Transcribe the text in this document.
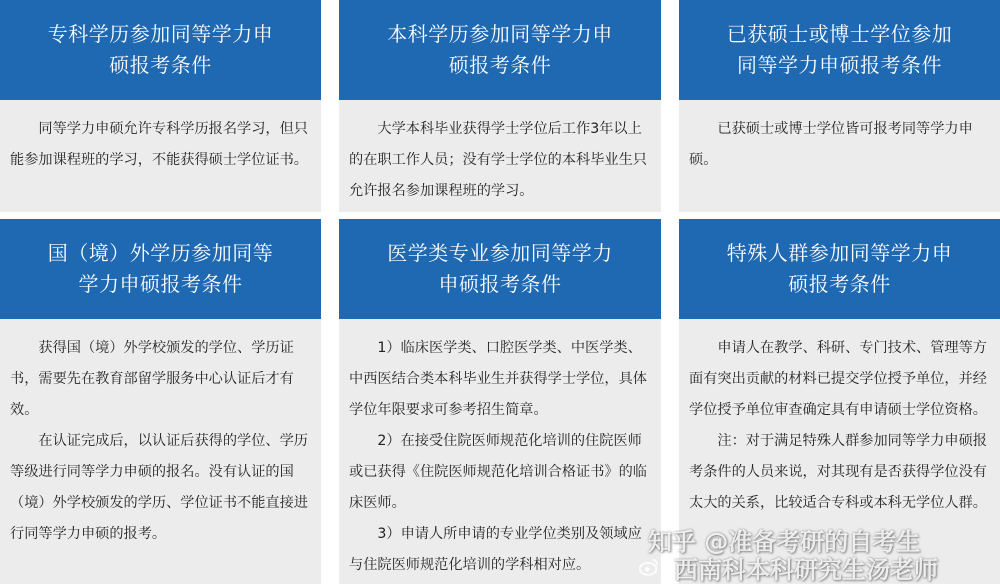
专科学历参加同等学力申
硕报考条件

同等学力申硕允许专科学历报名学习，但只能参加课程班的学习，不能获得硕士学位证书。

本科学历参加同等学力申
硕报考条件

大学本科毕业获得学士学位后工作3年以上的在职工作人员；没有学士学位的本科毕业生只允许报名参加课程班的学习。

已获硕士或博士学位参加
同等学力申硕报考条件

已获硕士或博士学位皆可报考同等学力申硕。

国（境）外学历参加同等
学力申硕报考条件

获得国（境）外学校颁发的学位、学历证书，需要先在教育部留学服务中心认证后才有效。

在认证完成后，以认证后获得的学位、学历等级进行同等学力申硕的报名。没有认证的国（境）外学校颁发的学历、学位证书不能直接进行同等学力申硕的报考。

医学类专业参加同等学力
申硕报考条件

1）临床医学类、口腔医学类、中医学类、中西医结合类本科毕业生并获得学士学位，具体学位年限要求可参考招生简章。

2）在接受住院医师规范化培训的住院医师或已获得《住院医师规范化培训合格证书》的临床医师。

3）申请人所申请的专业学位类别及领域应与住院医师规范化培训的学科相对应。

特殊人群参加同等学力申
硕报考条件

申请人在教学、科研、专门技术、管理等方面有突出贡献的材料已提交学位授予单位，并经学位授予单位审查确定具有申请硕士学位资格。

注：对于满足特殊人群参加同等学力申硕报考条件的人员来说，对其现有是否获得学位没有太大的关系，比较适合专科或本科无学位人群。

知乎 @准备考研的自考生
西南科本科研究生汤老师
